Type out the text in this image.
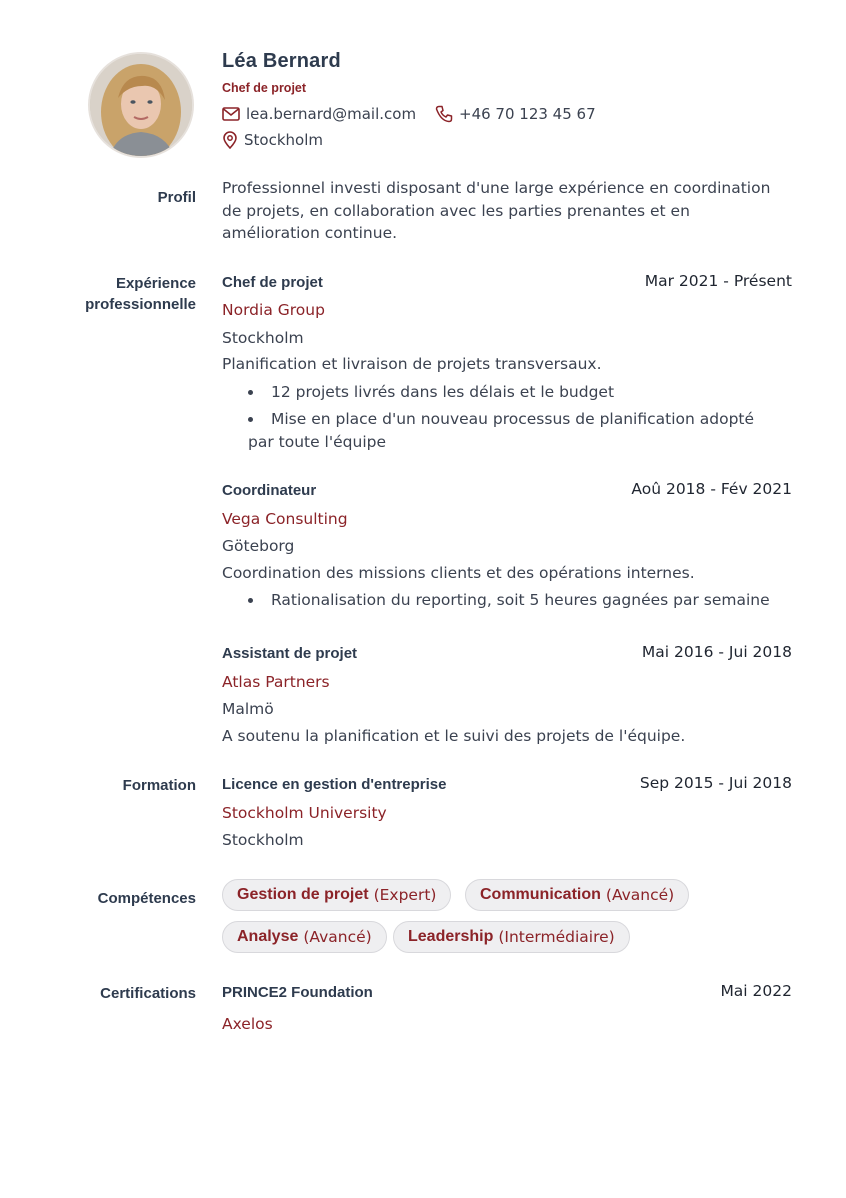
Léa Bernard
Chef de projet
lea.bernard@mail.com	+46 70 123 45 67
Stockholm
Profil
Professionnel investi disposant d'une large expérience en coordination de projets, en collaboration avec les parties prenantes et en amélioration continue.
Expérience
professionnelle
Chef de projet	Mar 2021 - Présent
Nordia Group
Stockholm
Planification et livraison de projets transversaux.
12 projets livrés dans les délais et le budget
Mise en place d'un nouveau processus de planification adopté par toute l'équipe
Coordinateur	Aoû 2018 - Fév 2021
Vega Consulting
Göteborg
Coordination des missions clients et des opérations internes.
Rationalisation du reporting, soit 5 heures gagnées par semaine
Assistant de projet	Mai 2016 - Jui 2018
Atlas Partners
Malmö
A soutenu la planification et le suivi des projets de l'équipe.
Formation Licence en gestion d'entreprise	Sep 2015 - Jui 2018
Stockholm University
Stockholm
Compétences	Gestion de projet (Expert)	Communication (Avancé)
Analyse (Avancé) Leadership (Intermédiaire)
Certifications PRINCE2 Foundation	Mai 2022
Axelos
